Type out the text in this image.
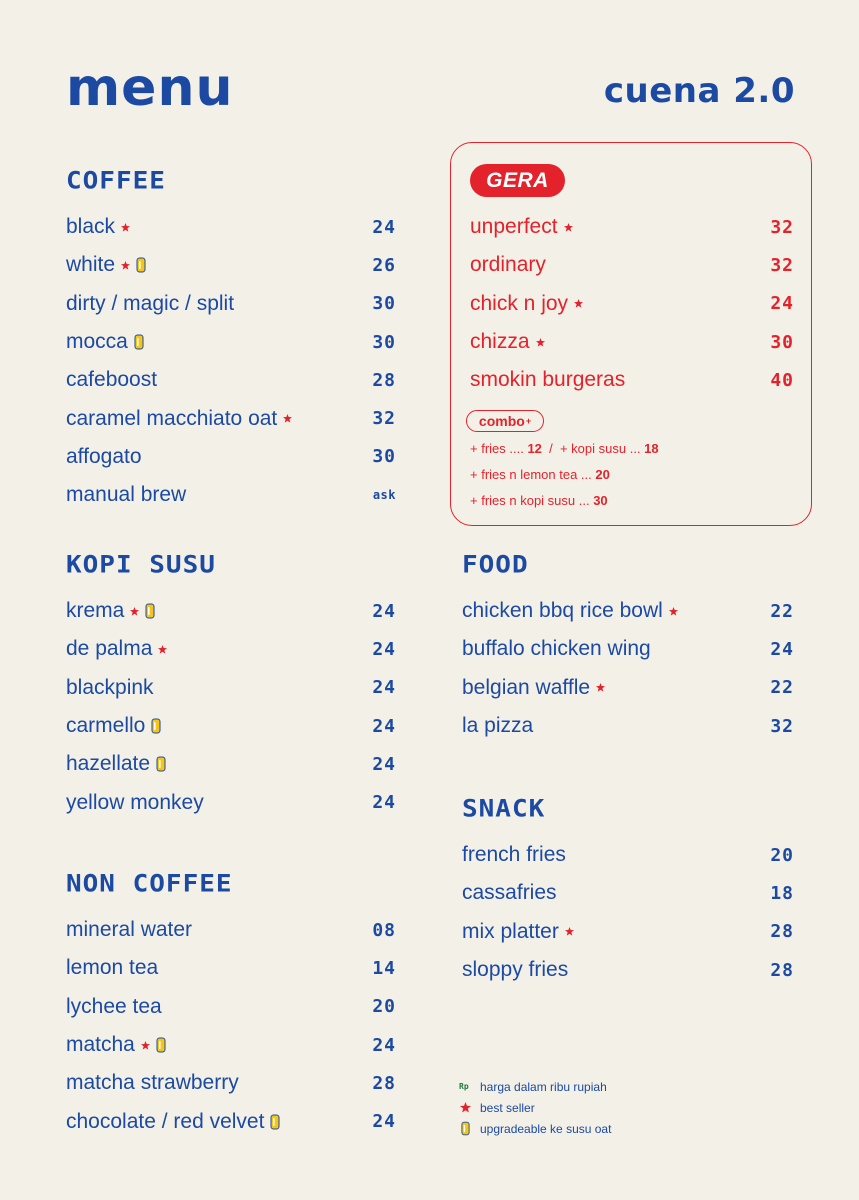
menu	cuena 2.0
COFFEE
black	24
white	26
dirty / magic / split	30
mocca	30
cafeboost	28
caramel macchiato oat	32
affogato	30
manual brew	ask
KOPI SUSU
krema	24
de palma	24
blackpink	24
carmello	24
hazellate	24
yellow monkey	24
NON COFFEE
mineral water	08
lemon tea	14
lychee tea	20
matcha	24
matcha strawberry	28
chocolate / red velvet	24
GERA
unperfect	32
ordinary	32
chick n joy	24
chizza	30
smokin burgeras	40
combo +
+ fries .... 12  /  + kopi susu ... 18
+ fries n lemon tea ... 20
+ fries n kopi susu ... 30
FOOD
chicken bbq rice bowl	22
buffalo chicken wing	24
belgian waffle	22
la pizza	32
SNACK
french fries	20
cassafries	18
mix platter	28
sloppy fries	28
Rp harga dalam ribu rupiah
best seller
upgradeable ke susu oat
